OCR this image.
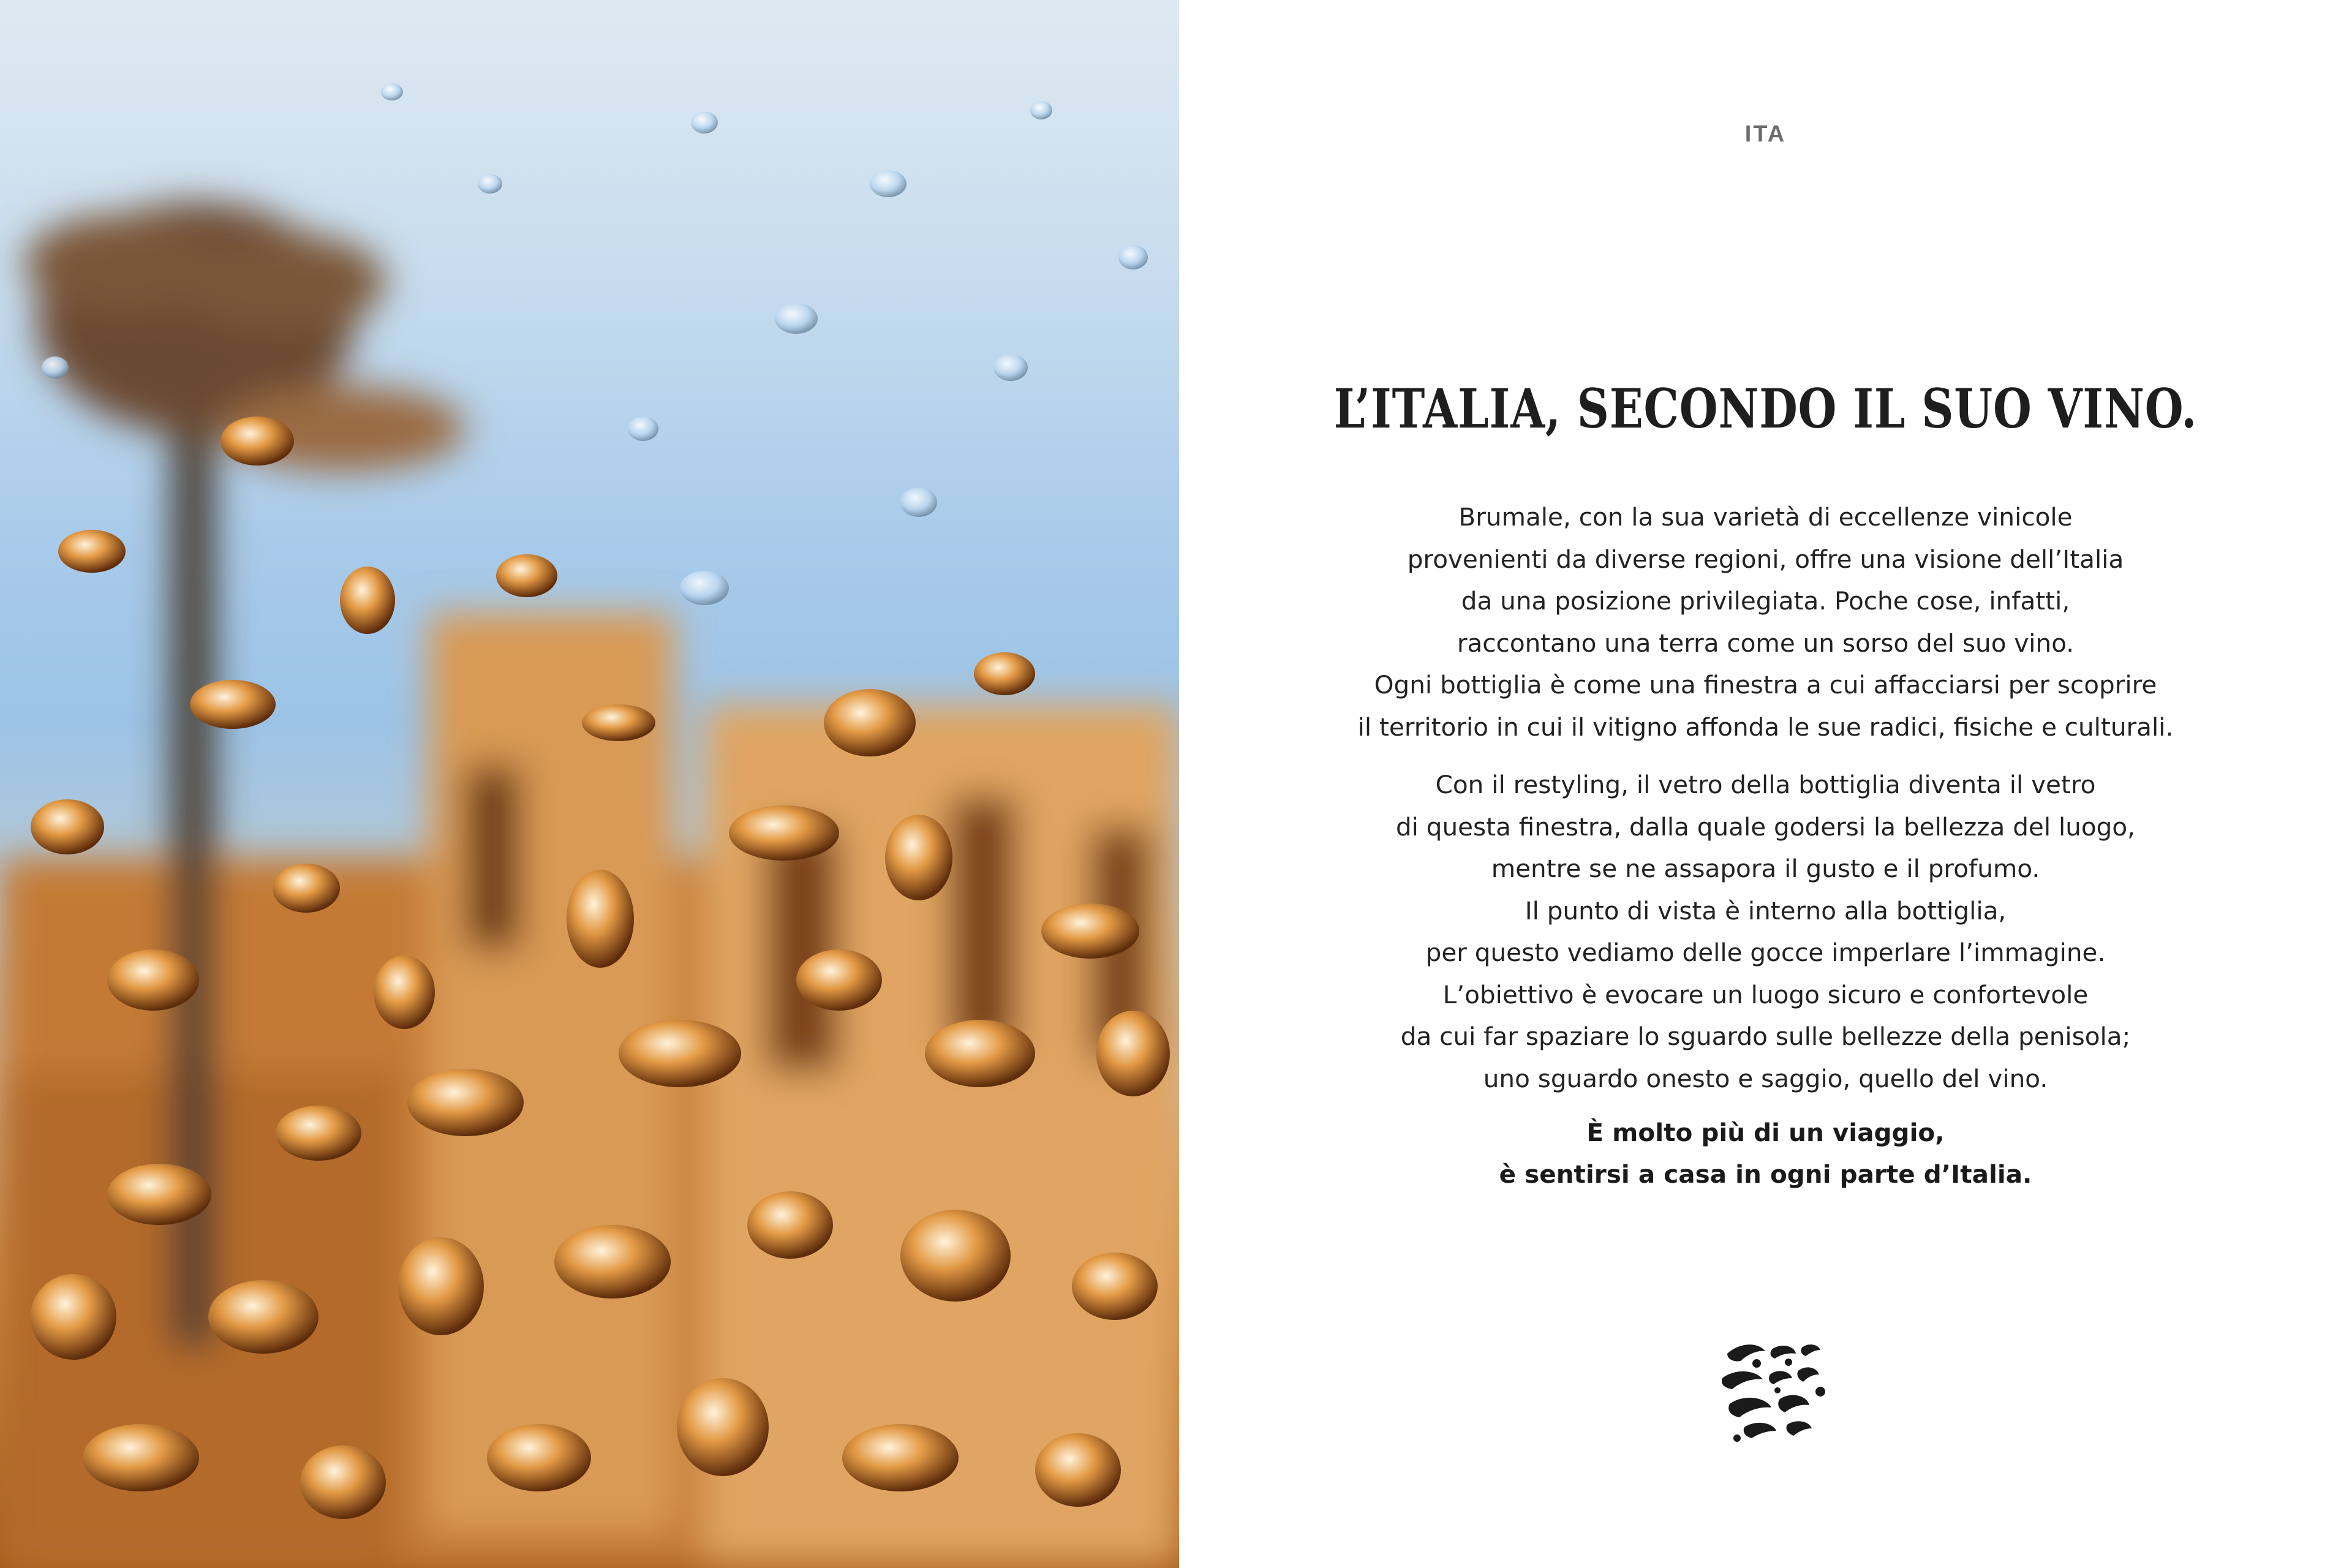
ITA
L’ITALIA, SECONDO IL SUO VINO.

Brumale, con la sua varietà di eccellenze vinicole
provenienti da diverse regioni, offre una visione dell’Italia
da una posizione privilegiata. Poche cose, infatti,
raccontano una terra come un sorso del suo vino.
Ogni bottiglia è come una finestra a cui affacciarsi per scoprire
il territorio in cui il vitigno affonda le sue radici, fisiche e culturali.

Con il restyling, il vetro della bottiglia diventa il vetro
di questa finestra, dalla quale godersi la bellezza del luogo,
mentre se ne assapora il gusto e il profumo.
Il punto di vista è interno alla bottiglia,
per questo vediamo delle gocce imperlare l’immagine.
L’obiettivo è evocare un luogo sicuro e confortevole
da cui far spaziare lo sguardo sulle bellezze della penisola;
uno sguardo onesto e saggio, quello del vino.

È molto più di un viaggio,
è sentirsi a casa in ogni parte d’Italia.
